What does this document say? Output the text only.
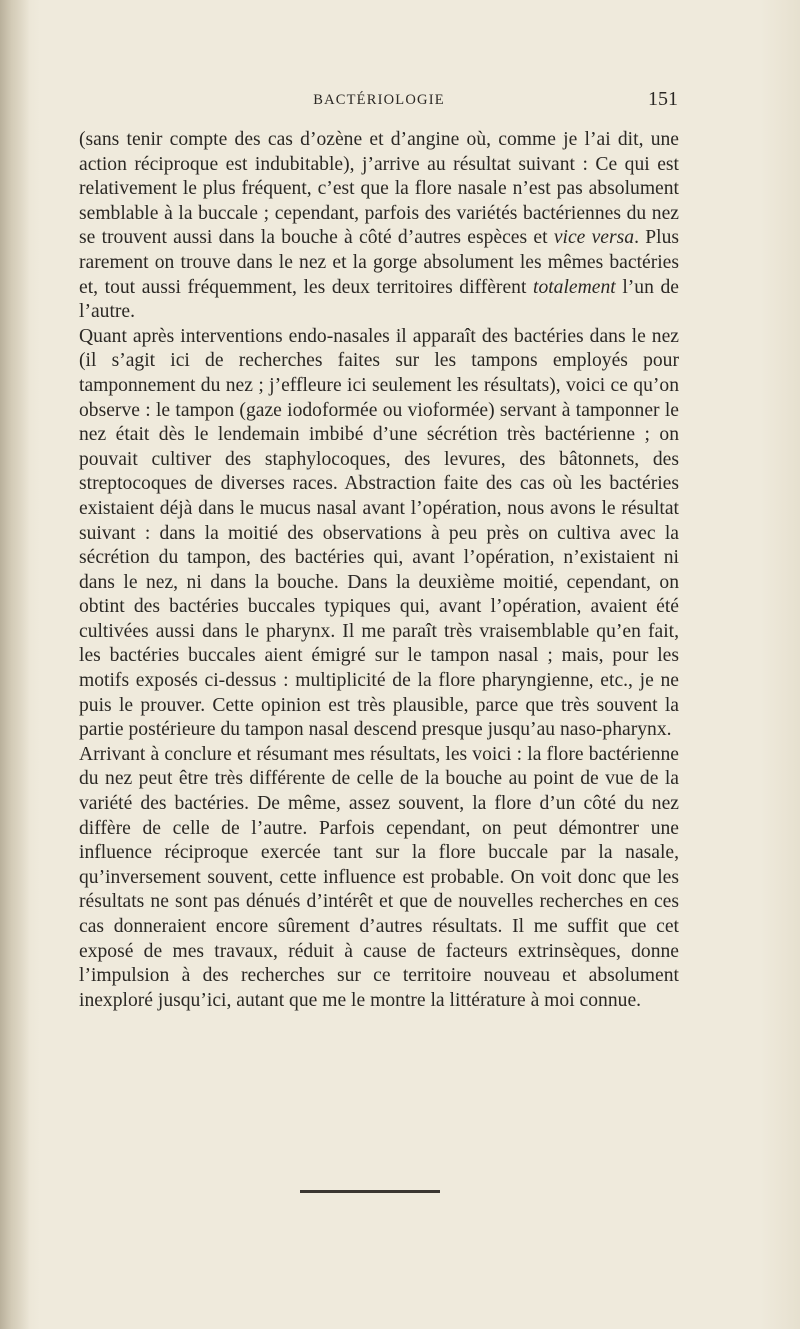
BACTÉRIOLOGIE	151

(sans tenir compte des cas d’ozène et d’angine où, comme je l’ai dit, une action réciproque est indubitable), j’arrive au résultat suivant : Ce qui est relativement le plus fréquent, c’est que la flore nasale n’est pas absolument semblable à la buccale ; cependant, parfois des variétés bactériennes du nez se trouvent aussi dans la bouche à côté d’autres espèces et vice versa. Plus rarement on trouve dans le nez et la gorge absolument les mêmes bactéries et, tout aussi fréquemment, les deux territoires diffèrent totalement l’un de l’autre.

Quant après interventions endo-nasales il apparaît des bactéries dans le nez (il s’agit ici de recherches faites sur les tampons employés pour tamponnement du nez ; j’effleure ici seulement les résultats), voici ce qu’on observe : le tampon (gaze iodoformée ou vioformée) servant à tamponner le nez était dès le lendemain imbibé d’une sécrétion très bactérienne ; on pouvait cultiver des staphylocoques, des levures, des bâtonnets, des streptocoques de diverses races. Abstraction faite des cas où les bactéries existaient déjà dans le mucus nasal avant l’opération, nous avons le résultat suivant : dans la moitié des observations à peu près on cultiva avec la sécrétion du tampon, des bactéries qui, avant l’opération, n’existaient ni dans le nez, ni dans la bouche. Dans la deuxième moitié, cependant, on obtint des bactéries buccales typiques qui, avant l’opération, avaient été cultivées aussi dans le pharynx. Il me paraît très vraisemblable qu’en fait, les bactéries buccales aient émigré sur le tampon nasal ; mais, pour les motifs exposés ci-dessus : multiplicité de la flore pharyngienne, etc., je ne puis le prouver. Cette opinion est très plausible, parce que très souvent la partie postérieure du tampon nasal descend presque jusqu’au naso-pharynx.

Arrivant à conclure et résumant mes résultats, les voici : la flore bactérienne du nez peut être très différente de celle de la bouche au point de vue de la variété des bactéries. De même, assez souvent, la flore d’un côté du nez diffère de celle de l’autre. Parfois cependant, on peut démontrer une influence réciproque exercée tant sur la flore buccale par la nasale, qu’inversement souvent, cette influence est probable. On voit donc que les résultats ne sont pas dénués d’intérêt et que de nouvelles recherches en ces cas donneraient encore sûrement d’autres résultats. Il me suffit que cet exposé de mes travaux, réduit à cause de facteurs extrinsèques, donne l’impulsion à des recherches sur ce territoire nouveau et absolument inexploré jusqu’ici, autant que me le montre la littérature à moi connue.
